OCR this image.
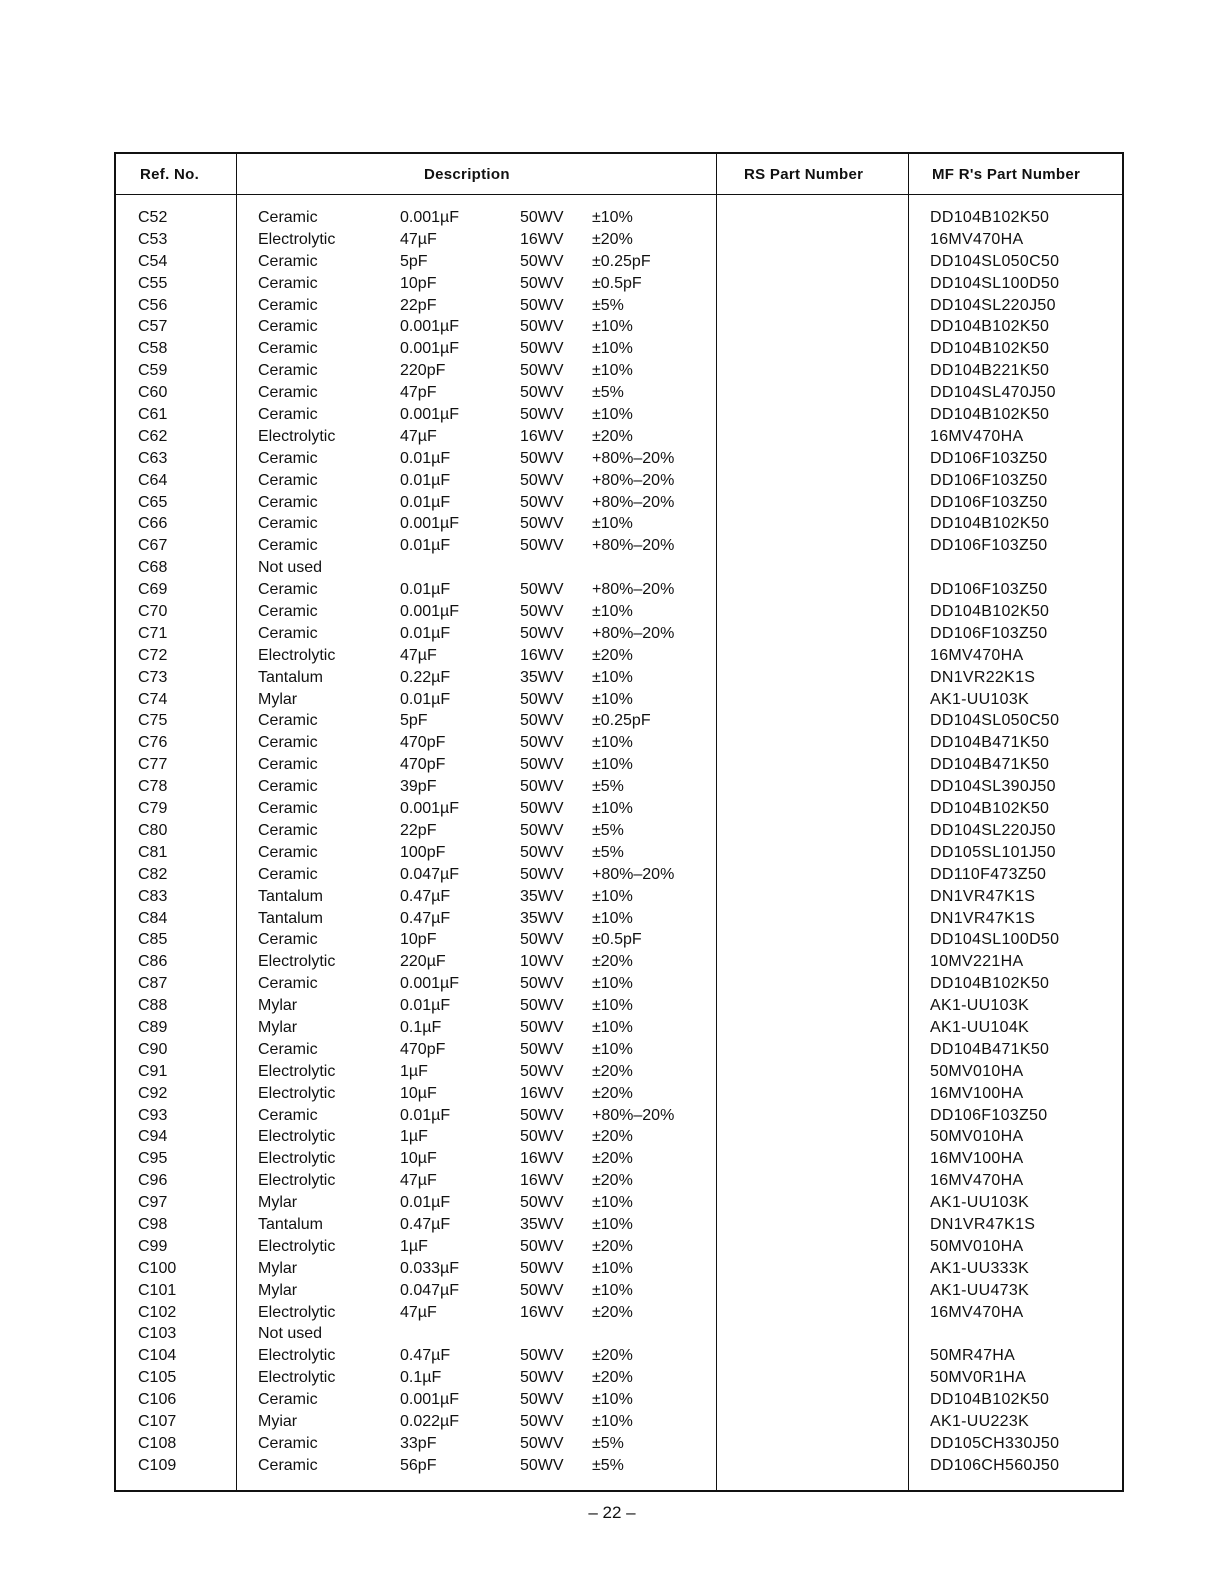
Ref. No.	Description	RS Part Number	MF R's Part Number
C52	Ceramic	0.001µF	50WV ±10%	DD104B102K50
C53	Electrolytic	47µF	16WV ±20%	16MV470HA
C54	Ceramic	5pF	50WV ±0.25pF	DD104SL050C50
C55	Ceramic	10pF	50WV ±0.5pF	DD104SL100D50
C56	Ceramic	22pF	50WV ±5%	DD104SL220J50
C57	Ceramic	0.001µF	50WV ±10%	DD104B102K50
C58	Ceramic	0.001µF	50WV ±10%	DD104B102K50
C59	Ceramic	220pF	50WV ±10%	DD104B221K50
C60	Ceramic	47pF	50WV ±5%	DD104SL470J50
C61	Ceramic	0.001µF	50WV ±10%	DD104B102K50
C62	Electrolytic	47µF	16WV ±20%	16MV470HA
C63	Ceramic	0.01µF	50WV +80%–20%	DD106F103Z50
C64	Ceramic	0.01µF	50WV +80%–20%	DD106F103Z50
C65	Ceramic	0.01µF	50WV +80%–20%	DD106F103Z50
C66	Ceramic	0.001µF	50WV ±10%	DD104B102K50
C67	Ceramic	0.01µF	50WV +80%–20%	DD106F103Z50
C68	Not used
C69	Ceramic	0.01µF	50WV +80%–20%	DD106F103Z50
C70	Ceramic	0.001µF	50WV ±10%	DD104B102K50
C71	Ceramic	0.01µF	50WV +80%–20%	DD106F103Z50
C72	Electrolytic	47µF	16WV ±20%	16MV470HA
C73	Tantalum	0.22µF	35WV ±10%	DN1VR22K1S
C74	Mylar	0.01µF	50WV ±10%	AK1-UU103K
C75	Ceramic	5pF	50WV ±0.25pF	DD104SL050C50
C76	Ceramic	470pF	50WV ±10%	DD104B471K50
C77	Ceramic	470pF	50WV ±10%	DD104B471K50
C78	Ceramic	39pF	50WV ±5%	DD104SL390J50
C79	Ceramic	0.001µF	50WV ±10%	DD104B102K50
C80	Ceramic	22pF	50WV ±5%	DD104SL220J50
C81	Ceramic	100pF	50WV ±5%	DD105SL101J50
C82	Ceramic	0.047µF	50WV +80%–20%	DD110F473Z50
C83	Tantalum	0.47µF	35WV ±10%	DN1VR47K1S
C84	Tantalum	0.47µF	35WV ±10%	DN1VR47K1S
C85	Ceramic	10pF	50WV ±0.5pF	DD104SL100D50
C86	Electrolytic	220µF	10WV ±20%	10MV221HA
C87	Ceramic	0.001µF	50WV ±10%	DD104B102K50
C88	Mylar	0.01µF	50WV ±10%	AK1-UU103K
C89	Mylar	0.1µF	50WV ±10%	AK1-UU104K
C90	Ceramic	470pF	50WV ±10%	DD104B471K50
C91	Electrolytic	1µF	50WV ±20%	50MV010HA
C92	Electrolytic	10µF	16WV ±20%	16MV100HA
C93	Ceramic	0.01µF	50WV +80%–20%	DD106F103Z50
C94	Electrolytic	1µF	50WV ±20%	50MV010HA
C95	Electrolytic	10µF	16WV ±20%	16MV100HA
C96	Electrolytic	47µF	16WV ±20%	16MV470HA
C97	Mylar	0.01µF	50WV ±10%	AK1-UU103K
C98	Tantalum	0.47µF	35WV ±10%	DN1VR47K1S
C99	Electrolytic	1µF	50WV ±20%	50MV010HA
C100	Mylar	0.033µF	50WV ±10%	AK1-UU333K
C101	Mylar	0.047µF	50WV ±10%	AK1-UU473K
C102	Electrolytic	47µF	16WV ±20%	16MV470HA
C103	Not used
C104	Electrolytic	0.47µF	50WV ±20%	50MR47HA
C105	Electrolytic	0.1µF	50WV ±20%	50MV0R1HA
C106	Ceramic	0.001µF	50WV ±10%	DD104B102K50
C107	Myiar	0.022µF	50WV ±10%	AK1-UU223K
C108	Ceramic	33pF	50WV ±5%	DD105CH330J50
C109	Ceramic	56pF	50WV ±5%	DD106CH560J50
– 22 –
